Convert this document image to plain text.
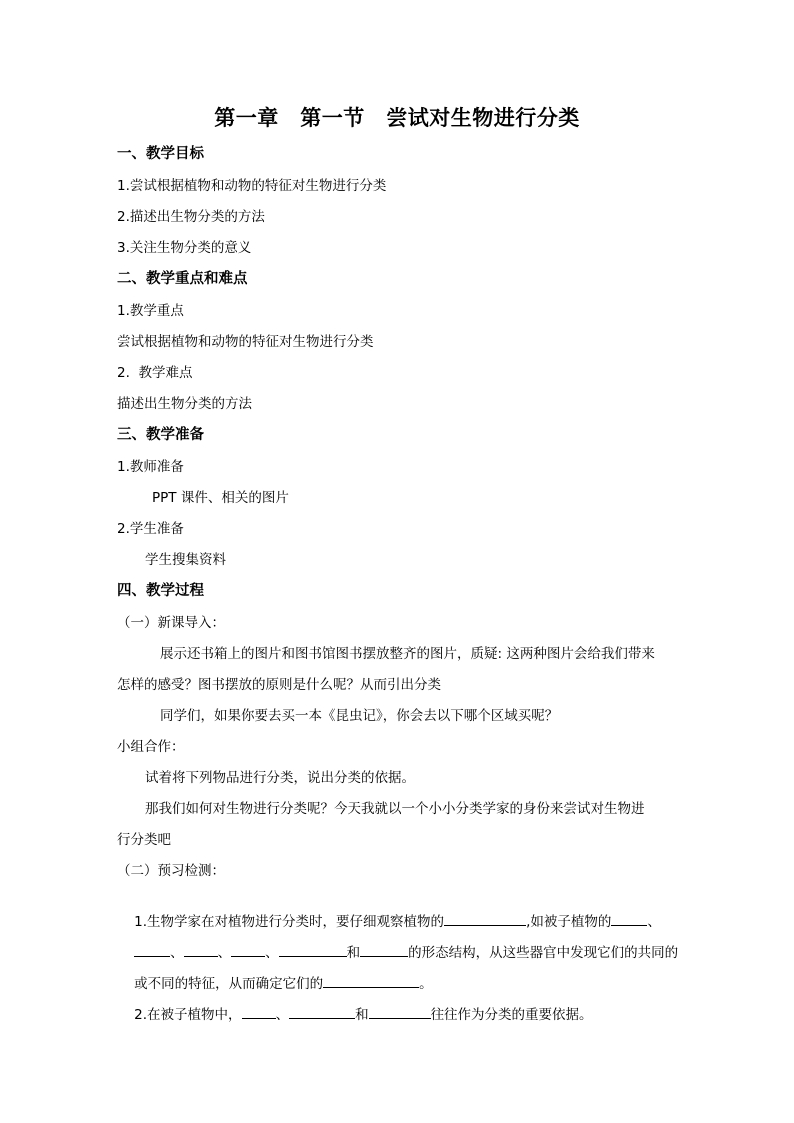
第一章　第一节　尝试对生物进行分类
一、教学目标
1.尝试根据植物和动物的特征对生物进行分类
2.描述出生物分类的方法
3.关注生物分类的意义
二、教学重点和难点
1.教学重点
尝试根据植物和动物的特征对生物进行分类
2.  教学难点
描述出生物分类的方法
三、教学准备
1.教师准备
PPT 课件、相关的图片
2.学生准备
学生搜集资料
四、教学过程
（一）新课导入：
展示还书箱上的图片和图书馆图书摆放整齐的图片，质疑: 这两种图片会给我们带来
怎样的感受？图书摆放的原则是什么呢？从而引出分类
同学们，如果你要去买一本《昆虫记》，你会去以下哪个区域买呢？
小组合作：
试着将下列物品进行分类，说出分类的依据。
那我们如何对生物进行分类呢？今天我就以一个小小分类学家的身份来尝试对生物进
行分类吧
（二）预习检测：

1.生物学家在对植物进行分类时，要仔细观察植物的	,如被子植物的	、

、	、	、	和	的形态结构，从这些器官中发现它们的共同的

或不同的特征，从而确定它们的	。

2.在被子植物中，	、	和	往往作为分类的重要依据。
